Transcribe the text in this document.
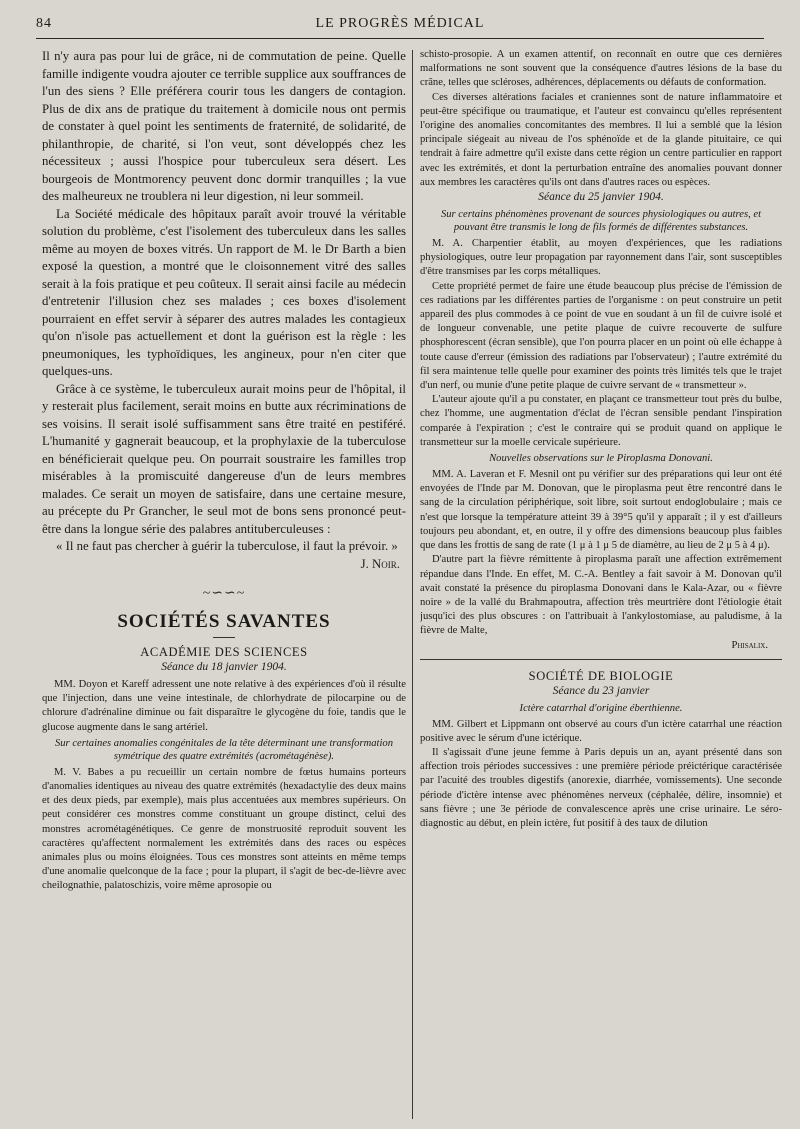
84	LE PROGRÈS MÉDICAL

Il n'y aura pas pour lui de grâce, ni de commutation de peine. Quelle famille indigente voudra ajouter ce terrible supplice aux souffrances de l'un des siens ? Elle préférera courir tous les dangers de contagion. Plus de dix ans de pratique du traitement à domicile nous ont permis de constater à quel point les sentiments de fraternité, de solidarité, de philanthropie, de charité, si l'on veut, sont développés chez les nécessiteux ; aussi l'hospice pour tuberculeux sera désert. Les bourgeois de Montmorency peuvent donc dormir tranquilles ; la vue des malheureux ne troublera ni leur digestion, ni leur sommeil.

La Société médicale des hôpitaux paraît avoir trouvé la véritable solution du problème, c'est l'isolement des tuberculeux dans les salles même au moyen de boxes vitrés. Un rapport de M. le Dr Barth a bien exposé la question, a montré que le cloisonnement vitré des salles serait à la fois pratique et peu coûteux. Il serait ainsi facile au médecin d'entretenir l'illusion chez ses malades ; ces boxes d'isolement pourraient en effet servir à séparer des autres malades les contagieux qu'on n'isole pas actuellement et dont la guérison est la règle : les pneumoniques, les typhoïdiques, les angineux, pour n'en citer que quelques-uns.

Grâce à ce système, le tuberculeux aurait moins peur de l'hôpital, il y resterait plus facilement, serait moins en butte aux récriminations de ses voisins. Il serait isolé suffisamment sans être traité en pestiféré. L'humanité y gagnerait beaucoup, et la prophylaxie de la tuberculose en bénéficierait quelque peu. On pourrait soustraire les familles trop misérables à la promiscuité dangereuse d'un de leurs membres malades. Ce serait un moyen de satisfaire, dans une certaine mesure, au précepte du Pr Grancher, le seul mot de bons sens prononcé peut-être dans la longue série des palabres antituberculeuses :

« Il ne faut pas chercher à guérir la tuberculose, il faut la prévoir. »

J. Noir.
~∽∽~
SOCIÉTÉS SAVANTES
ACADÉMIE DES SCIENCES
Séance du 18 janvier 1904.

MM. Doyon et Kareff adressent une note relative à des expériences d'où il résulte que l'injection, dans une veine intestinale, de chlorhydrate de pilocarpine ou de chlorure d'adrénaline diminue ou fait disparaître le glycogène du foie, tandis que le glucose augmente dans le sang artériel.

Sur certaines anomalies congénitales de la tête déterminant une transformation symétrique des quatre extrémités (acrométagénèse).

M. V. Babes a pu recueillir un certain nombre de fœtus humains porteurs d'anomalies identiques au niveau des quatre extrémités (hexadactylie des deux mains et des deux pieds, par exemple), mais plus accentuées aux membres supérieurs. On peut considérer ces monstres comme constituant un groupe distinct, celui des monstres acrométagénétiques. Ce genre de monstruosité reproduit souvent les caractères qu'affectent normalement les extrémités dans des races ou espèces animales plus ou moins éloignées. Tous ces monstres sont atteints en même temps d'une anomalie quelconque de la face ; pour la plupart, il s'agit de bec-de-lièvre avec cheilognathie, palatoschizis, voire même aprosopie ou

schisto-prosopie. A un examen attentif, on reconnaît en outre que ces dernières malformations ne sont souvent que la conséquence d'autres lésions de la base du crâne, telles que scléroses, adhérences, déplacements ou défauts de conformation.

Ces diverses altérations faciales et craniennes sont de nature inflammatoire et peut-être spécifique ou traumatique, et l'auteur est convaincu qu'elles représentent l'origine des anomalies concomitantes des membres. Il lui a semblé que la lésion principale siégeait au niveau de l'os sphénoïde et de la glande pituitaire, ce qui tendrait à faire admettre qu'il existe dans cette région un centre particulier en rapport avec les extrémités, et dont la perturbation entraîne des anomalies pouvant donner aux membres les caractères qu'ils ont dans d'autres races ou espèces.

Séance du 25 janvier 1904.
Sur certains phénomènes provenant de sources physiologiques ou autres, et pouvant être transmis le long de fils formés de différentes substances.

M. A. Charpentier établit, au moyen d'expériences, que les radiations physiologiques, outre leur propagation par rayonnement dans l'air, sont susceptibles d'être transmises par les corps métalliques.

Cette propriété permet de faire une étude beaucoup plus précise de l'émission de ces radiations par les différentes parties de l'organisme : on peut construire un petit appareil des plus commodes à ce point de vue en soudant à un fil de cuivre isolé et de longueur convenable, une petite plaque de cuivre recouverte de sulfure phosphorescent (écran sensible), que l'on pourra placer en un point où elle échappe à toute cause d'erreur (émission des radiations par l'observateur) ; l'autre extrémité du fil sera maintenue telle quelle pour examiner des points très limités tels que le trajet d'un nerf, ou munie d'une petite plaque de cuivre servant de « transmetteur ».

L'auteur ajoute qu'il a pu constater, en plaçant ce transmetteur tout près du bulbe, chez l'homme, une augmentation d'éclat de l'écran sensible pendant l'inspiration comparée à l'expiration ; c'est le contraire qui se produit quand on applique le transmetteur sur la moelle cervicale supérieure.

Nouvelles observations sur le Piroplasma Donovani.

MM. A. Laveran et F. Mesnil ont pu vérifier sur des préparations qui leur ont été envoyées de l'Inde par M. Donovan, que le piroplasma peut être rencontré dans le sang de la circulation périphérique, soit libre, soit surtout endoglobulaire ; mais ce n'est que lorsque la température atteint 39 à 39°5 qu'il y apparaît ; il y est d'ailleurs toujours peu abondant, et, en outre, il y offre des dimensions beaucoup plus faibles que dans les frottis de sang de rate (1 μ à 1 μ 5 de diamètre, au lieu de 2 μ 5 à 4 μ).

D'autre part la fièvre rémittente à piroplasma paraît une affection extrêmement répandue dans l'Inde. En effet, M. C.-A. Bentley a fait savoir à M. Donovan qu'il avait constaté la présence du piroplasma Donovani dans le Kala-Azar, ou « fièvre noire » de la vallé du Brahmapoutra, affection très meurtrière dont l'étiologie était jusqu'ici des plus obscures : on l'attribuait à l'ankylostomiase, au paludisme, à la fièvre de Malte,

Phisalix.
SOCIÉTÉ DE BIOLOGIE
Séance du 23 janvier
Ictère catarrhal d'origine éberthienne.

MM. Gilbert et Lippmann ont observé au cours d'un ictère catarrhal une réaction positive avec le sérum d'une ictérique.

Il s'agissait d'une jeune femme à Paris depuis un an, ayant présenté dans son affection trois périodes successives : une première période préictérique caractérisée par l'acuité des troubles digestifs (anorexie, diarrhée, vomissements). Une seconde période d'ictère intense avec phénomènes nerveux (céphalée, délire, insomnie) et sans fièvre ; une 3e période de convalescence après une crise urinaire. Le séro-diagnostic au début, en plein ictère, fut positif à des taux de dilution
